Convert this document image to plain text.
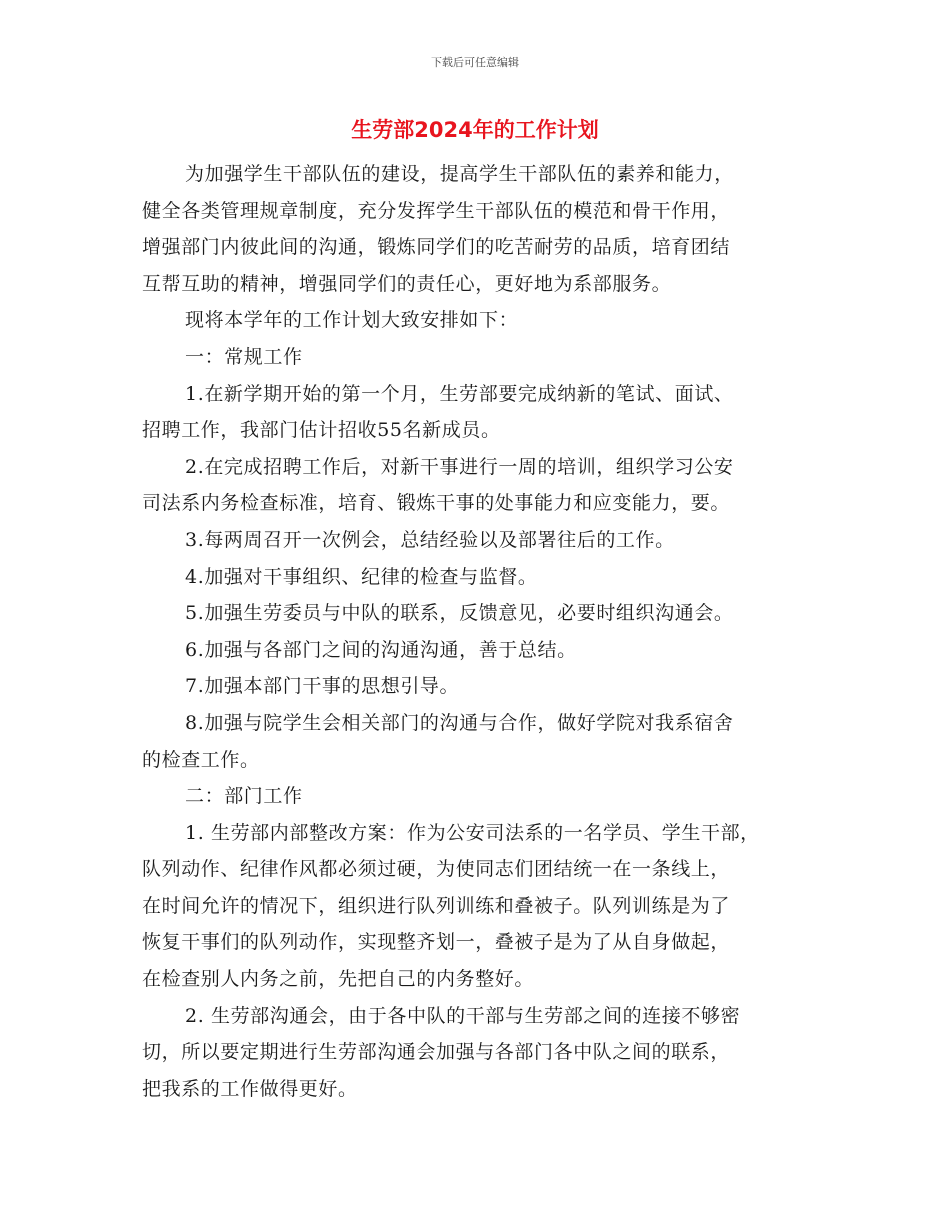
下载后可任意编辑
生劳部2024年的工作计划
为加强学生干部队伍的建设，提高学生干部队伍的素养和能力，
健全各类管理规章制度，充分发挥学生干部队伍的模范和骨干作用，
增强部门内彼此间的沟通，锻炼同学们的吃苦耐劳的品质，培育团结
互帮互助的精神，增强同学们的责任心，更好地为系部服务。
现将本学年的工作计划大致安排如下：
一：常规工作
1.在新学期开始的第一个月，生劳部要完成纳新的笔试、面试、
招聘工作，我部门估计招收55名新成员。
2.在完成招聘工作后，对新干事进行一周的培训，组织学习公安
司法系内务检查标准，培育、锻炼干事的处事能力和应变能力，要。
3.每两周召开一次例会，总结经验以及部署往后的工作。
4.加强对干事组织、纪律的检查与监督。
5.加强生劳委员与中队的联系，反馈意见，必要时组织沟通会。
6.加强与各部门之间的沟通沟通，善于总结。
7.加强本部门干事的思想引导。
8.加强与院学生会相关部门的沟通与合作，做好学院对我系宿舍
的检查工作。
二：部门工作
1. 生劳部内部整改方案：作为公安司法系的一名学员、学生干部，
队列动作、纪律作风都必须过硬，为使同志们团结统一在一条线上，
在时间允许的情况下，组织进行队列训练和叠被子。队列训练是为了
恢复干事们的队列动作，实现整齐划一，叠被子是为了从自身做起，
在检查别人内务之前，先把自己的内务整好。
2. 生劳部沟通会，由于各中队的干部与生劳部之间的连接不够密
切，所以要定期进行生劳部沟通会加强与各部门各中队之间的联系，
把我系的工作做得更好。
